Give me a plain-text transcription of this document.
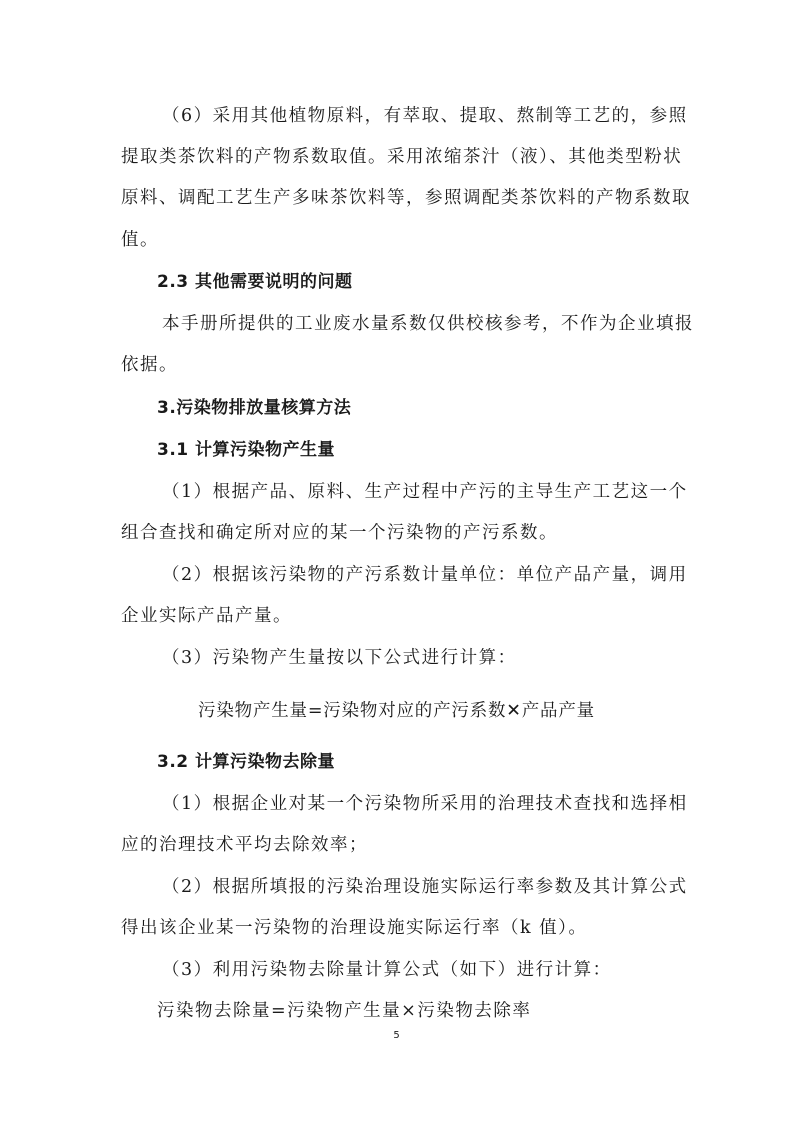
（6）采用其他植物原料，有萃取、提取、熬制等工艺的，参照
提取类茶饮料的产物系数取值。采用浓缩茶汁（液）、其他类型粉状
原料、调配工艺生产多味茶饮料等，参照调配类茶饮料的产物系数取
值。
2.3 其他需要说明的问题
本手册所提供的工业废水量系数仅供校核参考，不作为企业填报
依据。
3.污染物排放量核算方法
3.1 计算污染物产生量
（1）根据产品、原料、生产过程中产污的主导生产工艺这一个
组合查找和确定所对应的某一个污染物的产污系数。
（2）根据该污染物的产污系数计量单位：单位产品产量，调用
企业实际产品产量。
（3）污染物产生量按以下公式进行计算：
污染物产生量=污染物对应的产污系数✕产品产量
3.2 计算污染物去除量
（1）根据企业对某一个污染物所采用的治理技术查找和选择相
应的治理技术平均去除效率；
（2）根据所填报的污染治理设施实际运行率参数及其计算公式
得出该企业某一污染物的治理设施实际运行率（k 值）。
（3）利用污染物去除量计算公式（如下）进行计算：
污染物去除量=污染物产生量×污染物去除率
5
